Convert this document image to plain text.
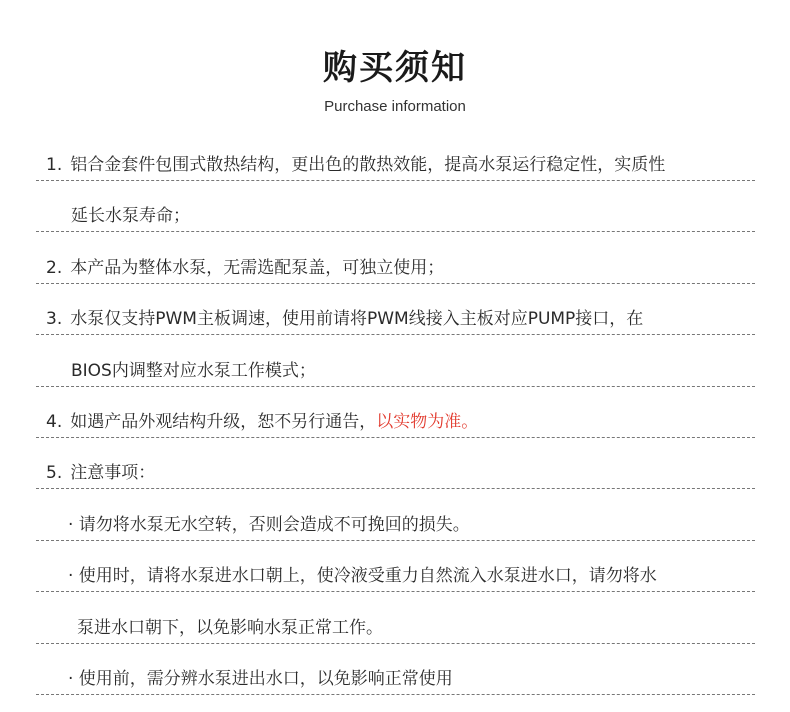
购买须知
Purchase information
1. 铝合金套件包围式散热结构，更出色的散热效能，提高水泵运行稳定性，实质性
延长水泵寿命；
2. 本产品为整体水泵，无需选配泵盖，可独立使用；
3. 水泵仅支持PWM主板调速，使用前请将PWM线接入主板对应PUMP接口，在
BIOS内调整对应水泵工作模式；
4. 如遇产品外观结构升级，恕不另行通告，以实物为准。
5. 注意事项：
· 请勿将水泵无水空转，否则会造成不可挽回的损失。
· 使用时，请将水泵进水口朝上，使冷液受重力自然流入水泵进水口，请勿将水
泵进水口朝下，以免影响水泵正常工作。
· 使用前，需分辨水泵进出水口，以免影响正常使用
